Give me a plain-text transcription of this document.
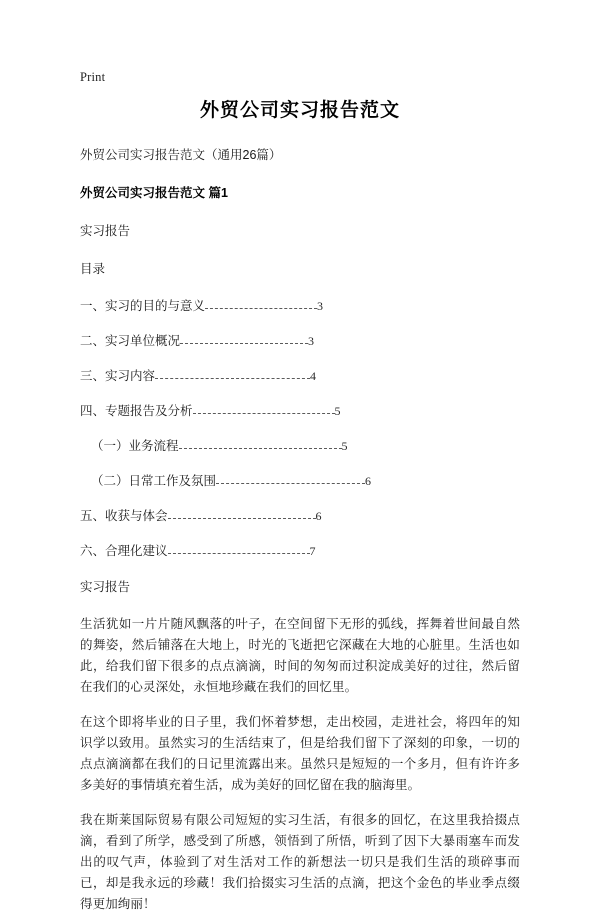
Print
外贸公司实习报告范文

外贸公司实习报告范文（通用26篇）

外贸公司实习报告范文 篇1

实习报告

目录

一、实习的目的与意义	3
二、实习单位概况	3
三、实习内容	4
四、专题报告及分析	5
（一）业务流程	5
（二）日常工作及氛围	6
五、收获与体会	6
六、合理化建议	7

实习报告

生活犹如一片片随风飘落的叶子，在空间留下无形的弧线，挥舞着世间最自然的舞姿，然后铺落在大地上，时光的飞逝把它深藏在大地的心脏里。生活也如此，给我们留下很多的点点滴滴，时间的匆匆而过积淀成美好的过往，然后留在我们的心灵深处，永恒地珍藏在我们的回忆里。

在这个即将毕业的日子里，我们怀着梦想，走出校园，走进社会，将四年的知识学以致用。虽然实习的生活结束了，但是给我们留下了深刻的印象，一切的点点滴滴都在我们的日记里流露出来。虽然只是短短的一个多月，但有许许多多美好的事情填充着生活，成为美好的回忆留在我的脑海里。

我在斯莱国际贸易有限公司短短的实习生活，有很多的回忆，在这里我拾掇点滴，看到了所学，感受到了所感，领悟到了所悟，听到了因下大暴雨塞车而发出的叹气声，体验到了对生活对工作的新想法一切只是我们生活的琐碎事而已，却是我永远的珍藏！我们拾掇实习生活的点滴，把这个金色的毕业季点缀得更加绚丽！
